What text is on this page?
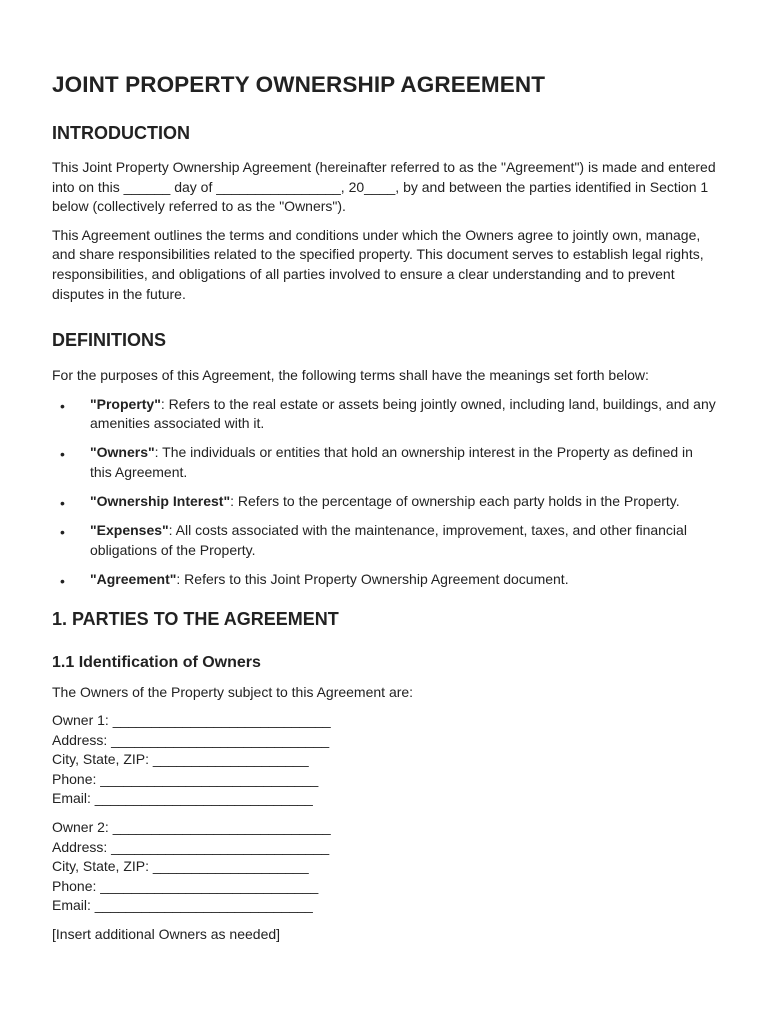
JOINT PROPERTY OWNERSHIP AGREEMENT
INTRODUCTION

This Joint Property Ownership Agreement (hereinafter referred to as the "Agreement") is made and entered into on this ______ day of ________________, 20____, by and between the parties identified in Section 1 below (collectively referred to as the "Owners").

This Agreement outlines the terms and conditions under which the Owners agree to jointly own, manage, and share responsibilities related to the specified property. This document serves to establish legal rights, responsibilities, and obligations of all parties involved to ensure a clear understanding and to prevent disputes in the future.

DEFINITIONS

For the purposes of this Agreement, the following terms shall have the meanings set forth below:

• "Property": Refers to the real estate or assets being jointly owned, including land, buildings, and any amenities associated with it.
• "Owners": The individuals or entities that hold an ownership interest in the Property as defined in this Agreement.
• "Ownership Interest": Refers to the percentage of ownership each party holds in the Property.
• "Expenses": All costs associated with the maintenance, improvement, taxes, and other financial obligations of the Property.
• "Agreement": Refers to this Joint Property Ownership Agreement document.
1. PARTIES TO THE AGREEMENT
1.1 Identification of Owners

The Owners of the Property subject to this Agreement are:

Owner 1: ____________________________
Address: ____________________________
City, State, ZIP: ____________________
Phone: ____________________________
Email: ____________________________
Owner 2: ____________________________
Address: ____________________________
City, State, ZIP: ____________________
Phone: ____________________________
Email: ____________________________

[Insert additional Owners as needed]
